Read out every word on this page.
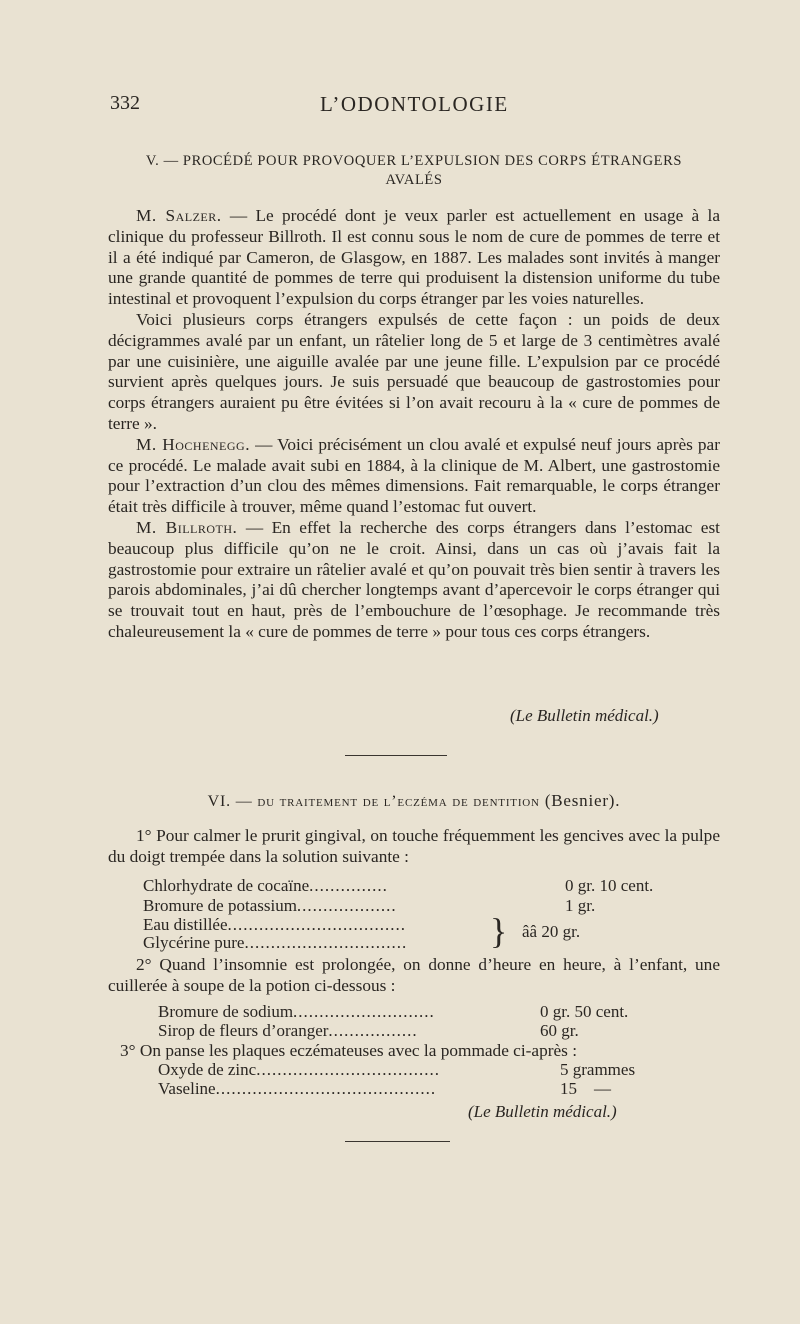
332	L’ODONTOLOGIE
V. — PROCÉDÉ POUR PROVOQUER L’EXPULSION DES CORPS ÉTRANGERS
AVALÉS

M. Salzer. — Le procédé dont je veux parler est actuellement en usage à la clinique du professeur Billroth. Il est connu sous le nom de cure de pommes de terre et il a été indiqué par Cameron, de Glasgow, en 1887. Les malades sont invités à manger une grande quantité de pommes de terre qui produisent la distension uniforme du tube intestinal et provoquent l’expulsion du corps étranger par les voies naturelles.

Voici plusieurs corps étrangers expulsés de cette façon : un poids de deux décigrammes avalé par un enfant, un râtelier long de 5 et large de 3 centimètres avalé par une cuisinière, une aiguille avalée par une jeune fille. L’expulsion par ce procédé survient après quelques jours. Je suis persuadé que beaucoup de gastrostomies pour corps étrangers auraient pu être évitées si l’on avait recouru à la « cure de pommes de terre ».

M. Hochenegg. — Voici précisément un clou avalé et expulsé neuf jours après par ce procédé. Le malade avait subi en 1884, à la clinique de M. Albert, une gastrostomie pour l’extraction d’un clou des mêmes dimensions. Fait remarquable, le corps étranger était très difficile à trouver, même quand l’estomac fut ouvert.

M. Billroth. — En effet la recherche des corps étrangers dans l’estomac est beaucoup plus difficile qu’on ne le croit. Ainsi, dans un cas où j’avais fait la gastrostomie pour extraire un râtelier avalé et qu’on pouvait très bien sentir à travers les parois abdominales, j’ai dû chercher longtemps avant d’apercevoir le corps étranger qui se trouvait tout en haut, près de l’embouchure de l’œsophage. Je recommande très chaleureusement la « cure de pommes de terre » pour tous ces corps étrangers.

(Le Bulletin médical.)
VI. — du traitement de l’eczéma de dentition (Besnier).

1° Pour calmer le prurit gingival, on touche fréquemment les gencives avec la pulpe du doigt trempée dans la solution suivante :

Chlorhydrate de cocaïne...............	0 gr. 10 cent.
Bromure de potassium...................	1 gr.
Eau distillée..................................
Glycérine pure............................... } ââ 20 gr.

2° Quand l’insomnie est prolongée, on donne d’heure en heure, à l’enfant, une cuillerée à soupe de la potion ci-dessous :

Bromure de sodium...........................	0 gr. 50 cent.
Sirop de fleurs d’oranger.................	60 gr.
3° On panse les plaques eczémateuses avec la pommade ci-après :
Oxyde de zinc...................................	5 grammes
Vaseline..........................................	15    —
(Le Bulletin médical.)
